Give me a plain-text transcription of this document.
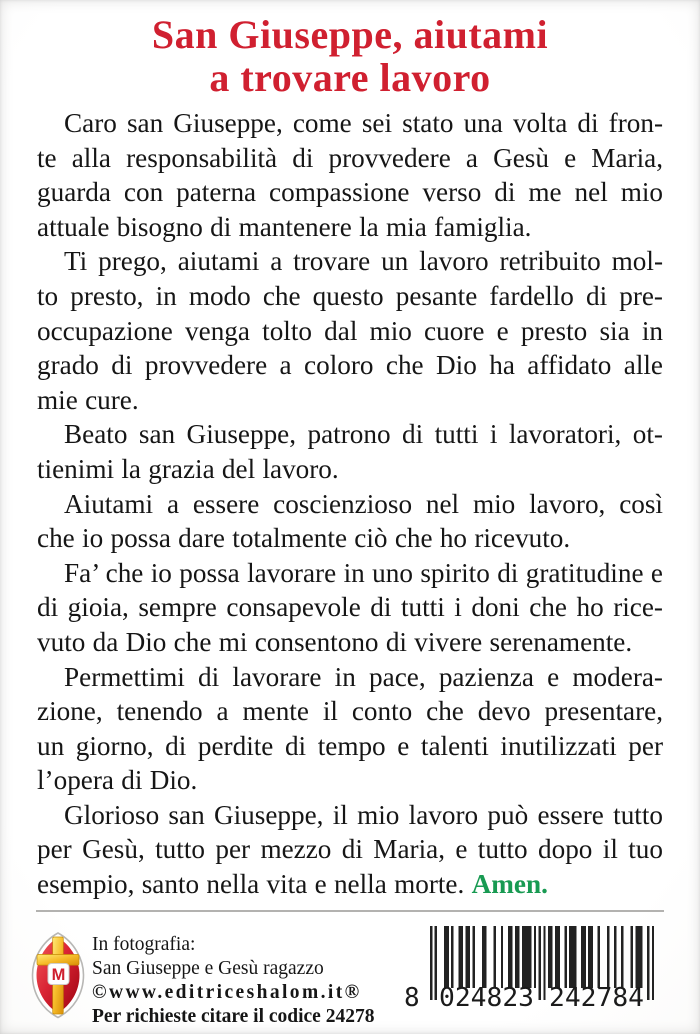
San Giuseppe, aiutami
a trovare lavoro
Caro san Giuseppe, come sei stato una volta di fron-
te alla responsabilità di provvedere a Gesù e Maria,
guarda con paterna compassione verso di me nel mio
attuale bisogno di mantenere la mia famiglia.
Ti prego, aiutami a trovare un lavoro retribuito mol-
to presto, in modo che questo pesante fardello di pre-
occupazione venga tolto dal mio cuore e presto sia in
grado di provvedere a coloro che Dio ha affidato alle
mie cure.
Beato san Giuseppe, patrono di tutti i lavoratori, ot-
tienimi la grazia del lavoro.
Aiutami a essere coscienzioso nel mio lavoro, così
che io possa dare totalmente ciò che ho ricevuto.
Fa’ che io possa lavorare in uno spirito di gratitudine e
di gioia, sempre consapevole di tutti i doni che ho rice-
vuto da Dio che mi consentono di vivere serenamente.
Permettimi di lavorare in pace, pazienza e modera-
zione, tenendo a mente il conto che devo presentare,
un giorno, di perdite di tempo e talenti inutilizzati per
l’opera di Dio.
Glorioso san Giuseppe, il mio lavoro può essere tutto
per Gesù, tutto per mezzo di Maria, e tutto dopo il tuo
esempio, santo nella vita e nella morte. Amen.
M
In fotografia:
San Giuseppe e Gesù ragazzo
©www.editriceshalom.it®
Per richieste citare il codice 24278
8 024823 242784
